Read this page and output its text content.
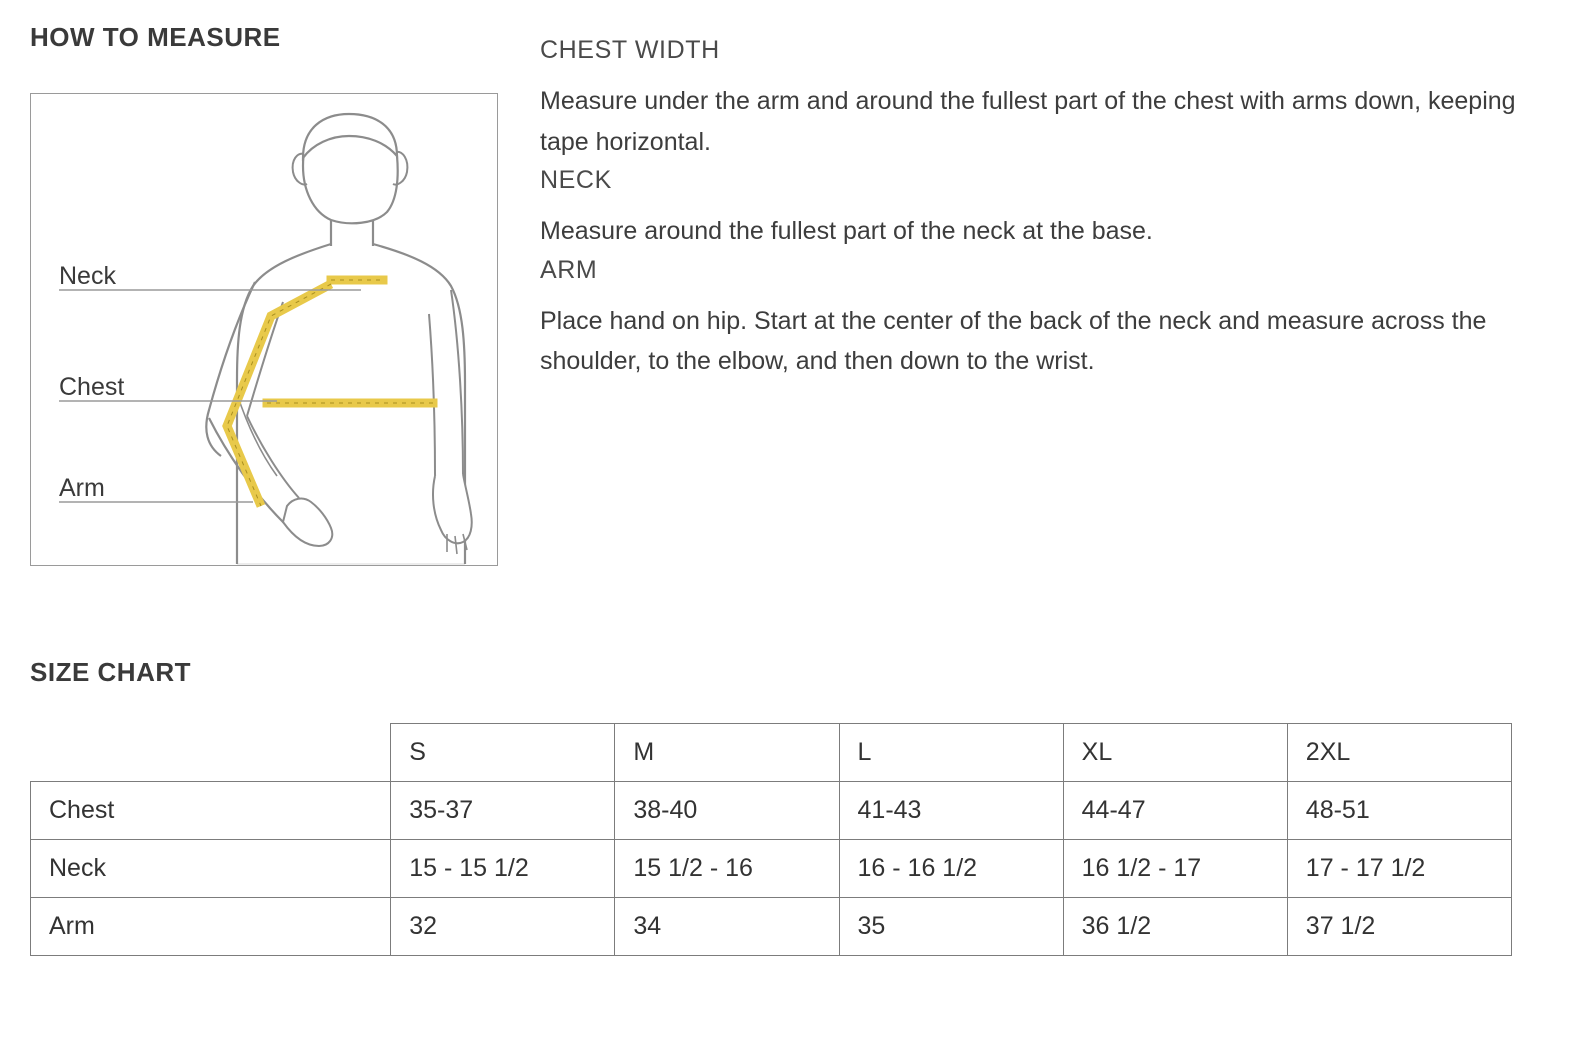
HOW TO MEASURE
Neck
Chest
Arm

CHEST WIDTH

Measure under the arm and around the fullest part of the chest with arms down, keeping tape horizontal.

NECK

Measure around the fullest part of the neck at the base.

ARM

Place hand on hip. Start at the center of the back of the neck and measure across the shoulder, to the elbow, and then down to the wrist.

SIZE CHART
	S	M	L	XL	2XL
Chest	35-37	38-40	41-43	44-47	48-51
Neck	15 - 15 1/2	15 1/2 - 16	16 - 16 1/2	16 1/2 - 17	17 - 17 1/2
Arm	32	34	35	36 1/2	37 1/2
